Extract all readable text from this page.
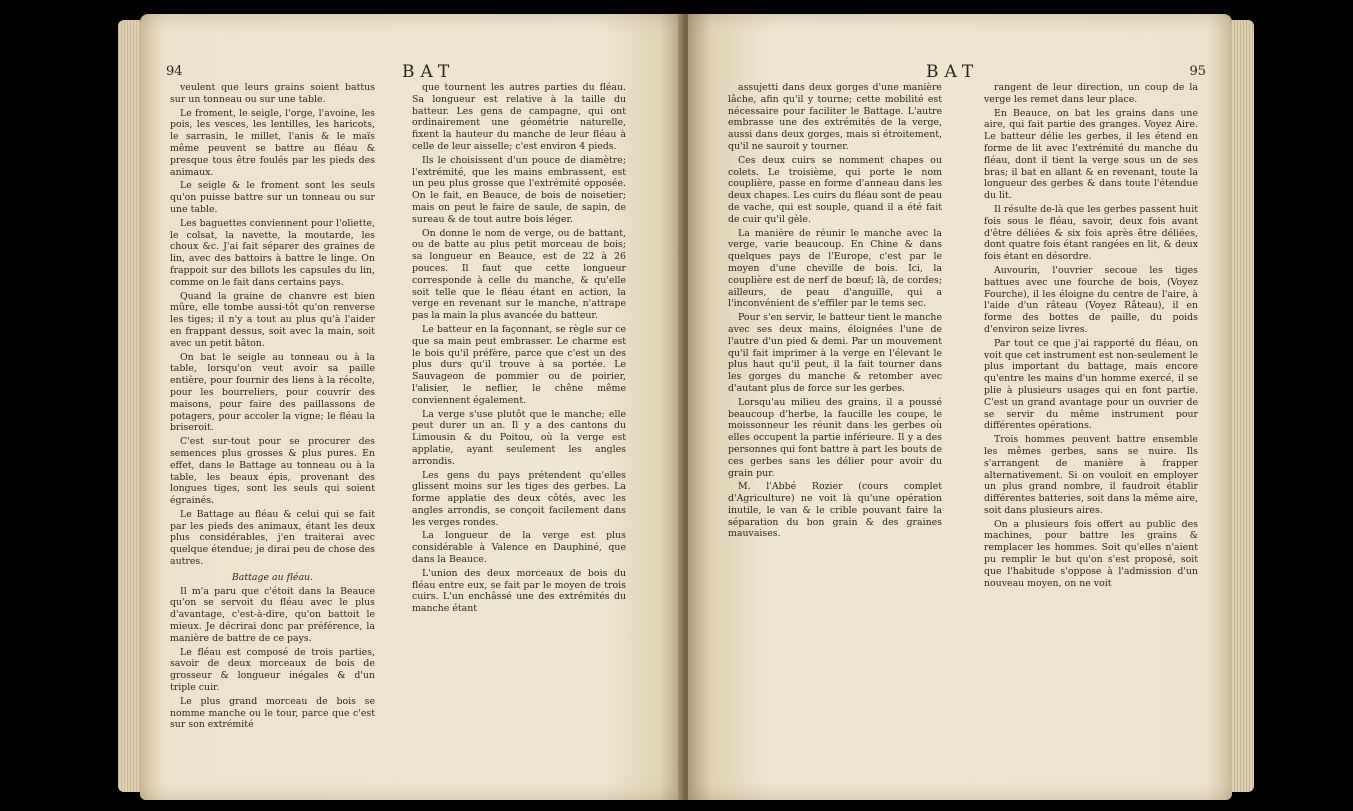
94	BAT

veulent que leurs grains soient battus sur un tonneau ou sur une table.

Le froment, le seigle, l'orge, l'avoine, les pois, les vesces, les lentilles, les haricots, le sarrasin, le millet, l'anis & le maïs même peuvent se battre au fléau & presque tous être foulés par les pieds des animaux.

Le seigle & le froment sont les seuls qu'on puisse battre sur un tonneau ou sur une table.

Les baguettes conviennent pour l'oliette, le colsat, la navette, la moutarde, les choux &c. J'ai fait séparer des graines de lin, avec des battoirs à battre le linge. On frappoit sur des billots les capsules du lin, comme on le fait dans certains pays.

Quand la graine de chanvre est bien mûre, elle tombe aussi-tôt qu'on renverse les tiges; il n'y a tout au plus qu'à l'aider en frappant dessus, soit avec la main, soit avec un petit bâton.

On bat le seigle au tonneau ou à la table, lorsqu'on veut avoir sa paille entière, pour fournir des liens à la récolte, pour les bourreliers, pour couvrir des maisons, pour faire des paillassons de potagers, pour accoler la vigne; le fléau la briseroit.

C'est sur-tout pour se procurer des semences plus grosses & plus pures. En effet, dans le Battage au tonneau ou à la table, les beaux épis, provenant des longues tiges, sont les seuls qui soient égrainés.

Le Battage au fléau & celui qui se fait par les pieds des animaux, étant les deux plus considérables, j'en traiterai avec quelque étendue; je dirai peu de chose des autres.

Battage au fléau.

Il m'a paru que c'étoit dans la Beauce qu'on se servoit du fléau avec le plus d'avantage, c'est-à-dire, qu'on battoit le mieux. Je décrirai donc par préférence, la manière de battre de ce pays.

Le fléau est composé de trois parties, savoir de deux morceaux de bois de grosseur & longueur inégales & d'un triple cuir.

Le plus grand morceau de bois se nomme manche ou le tour, parce que c'est sur son extrémité

que tournent les autres parties du fléau. Sa longueur est relative à la taille du batteur. Les gens de campagne, qui ont ordinairement une géométrie naturelle, fixent la hauteur du manche de leur fléau à celle de leur aisselle; c'est environ 4 pieds.

Ils le choisissent d'un pouce de diamètre; l'extrémité, que les mains embrassent, est un peu plus grosse que l'extrémité opposée. On le fait, en Beauce, de bois de noisetier; mais on peut le faire de saule, de sapin, de sureau & de tout autre bois léger.

On donne le nom de verge, ou de battant, ou de batte au plus petit morceau de bois; sa longueur en Beauce, est de 22 à 26 pouces. Il faut que cette longueur corresponde à celle du manche, & qu'elle soit telle que le fléau étant en action, la verge en revenant sur le manche, n'attrape pas la main la plus avancée du batteur.

Le batteur en la façonnant, se règle sur ce que sa main peut embrasser. Le charme est le bois qu'il préfère, parce que c'est un des plus durs qu'il trouve à sa portée. Le Sauvageon de pommier ou de poirier, l'alisier, le neflier, le chêne même conviennent également.

La verge s'use plutôt que le manche; elle peut durer un an. Il y a des cantons du Limousin & du Poitou, où la verge est applatie, ayant seulement les angles arrondis.

Les gens du pays prétendent qu'elles glissent moins sur les tiges des gerbes. La forme applatie des deux côtés, avec les angles arrondis, se conçoit facilement dans les verges rondes.

La longueur de la verge est plus considérable à Valence en Dauphiné, que dans la Beauce.

L'union des deux morceaux de bois du fléau entre eux, se fait par le moyen de trois cuirs. L'un enchâssé une des extrémités du manche étant

BAT	95

assujetti dans deux gorges d'une manière lâche, afin qu'il y tourne; cette mobilité est nécessaire pour faciliter le Battage. L'autre embrasse une des extrémités de la verge, aussi dans deux gorges, mais si étroitement, qu'il ne sauroit y tourner.

Ces deux cuirs se nomment chapes ou colets. Le troisième, qui porte le nom couplière, passe en forme d'anneau dans les deux chapes. Les cuirs du fléau sont de peau de vache, qui est souple, quand il a été fait de cuir qu'il gèle.

La manière de réunir le manche avec la verge, varie beaucoup. En Chine & dans quelques pays de l'Europe, c'est par le moyen d'une cheville de bois. Ici, la couplière est de nerf de bœuf; là, de cordes; ailleurs, de peau d'anguille, qui a l'inconvénient de s'effiler par le tems sec.

Pour s'en servir, le batteur tient le manche avec ses deux mains, éloignées l'une de l'autre d'un pied & demi. Par un mouvement qu'il fait imprimer à la verge en l'élevant le plus haut qu'il peut, il la fait tourner dans les gorges du manche & retomber avec d'autant plus de force sur les gerbes.

Lorsqu'au milieu des grains, il a poussé beaucoup d'herbe, la faucille les coupe, le moissonneur les réunit dans les gerbes où elles occupent la partie inférieure. Il y a des personnes qui font battre à part les bouts de ces gerbes sans les délier pour avoir du grain pur.

M. l'Abbé Rozier (cours complet d'Agriculture) ne voit là qu'une opération inutile, le van & le crible pouvant faire la séparation du bon grain & des graines mauvaises.

rangent de leur direction, un coup de la verge les remet dans leur place.

En Beauce, on bat les grains dans une aire, qui fait partie des granges. Voyez Aire. Le batteur délie les gerbes, il les étend en forme de lit avec l'extrémité du manche du fléau, dont il tient la verge sous un de ses bras; il bat en allant & en revenant, toute la longueur des gerbes & dans toute l'étendue du lit.

Il résulte de-là que les gerbes passent huit fois sous le fléau, savoir, deux fois avant d'être déliées & six fois après être déliées, dont quatre fois étant rangées en lit, & deux fois étant en désordre.

Auvourin, l'ouvrier secoue les tiges battues avec une fourche de bois, (Voyez Fourche), il les éloigne du centre de l'aire, à l'aide d'un râteau (Voyez Râteau), il en forme des bottes de paille, du poids d'environ seize livres.

Par tout ce que j'ai rapporté du fléau, on voit que cet instrument est non-seulement le plus important du battage, mais encore qu'entre les mains d'un homme exercé, il se plie à plusieurs usages qui en font partie. C'est un grand avantage pour un ouvrier de se servir du même instrument pour différentes opérations.

Trois hommes peuvent battre ensemble les mêmes gerbes, sans se nuire. Ils s'arrangent de manière à frapper alternativement. Si on vouloit en employer un plus grand nombre, il faudroit établir différentes batteries, soit dans la même aire, soit dans plusieurs aires.

On a plusieurs fois offert au public des machines, pour battre les grains & remplacer les hommes. Soit qu'elles n'aient pu remplir le but qu'on s'est proposé, soit que l'habitude s'oppose à l'admission d'un nouveau moyen, on ne voit
